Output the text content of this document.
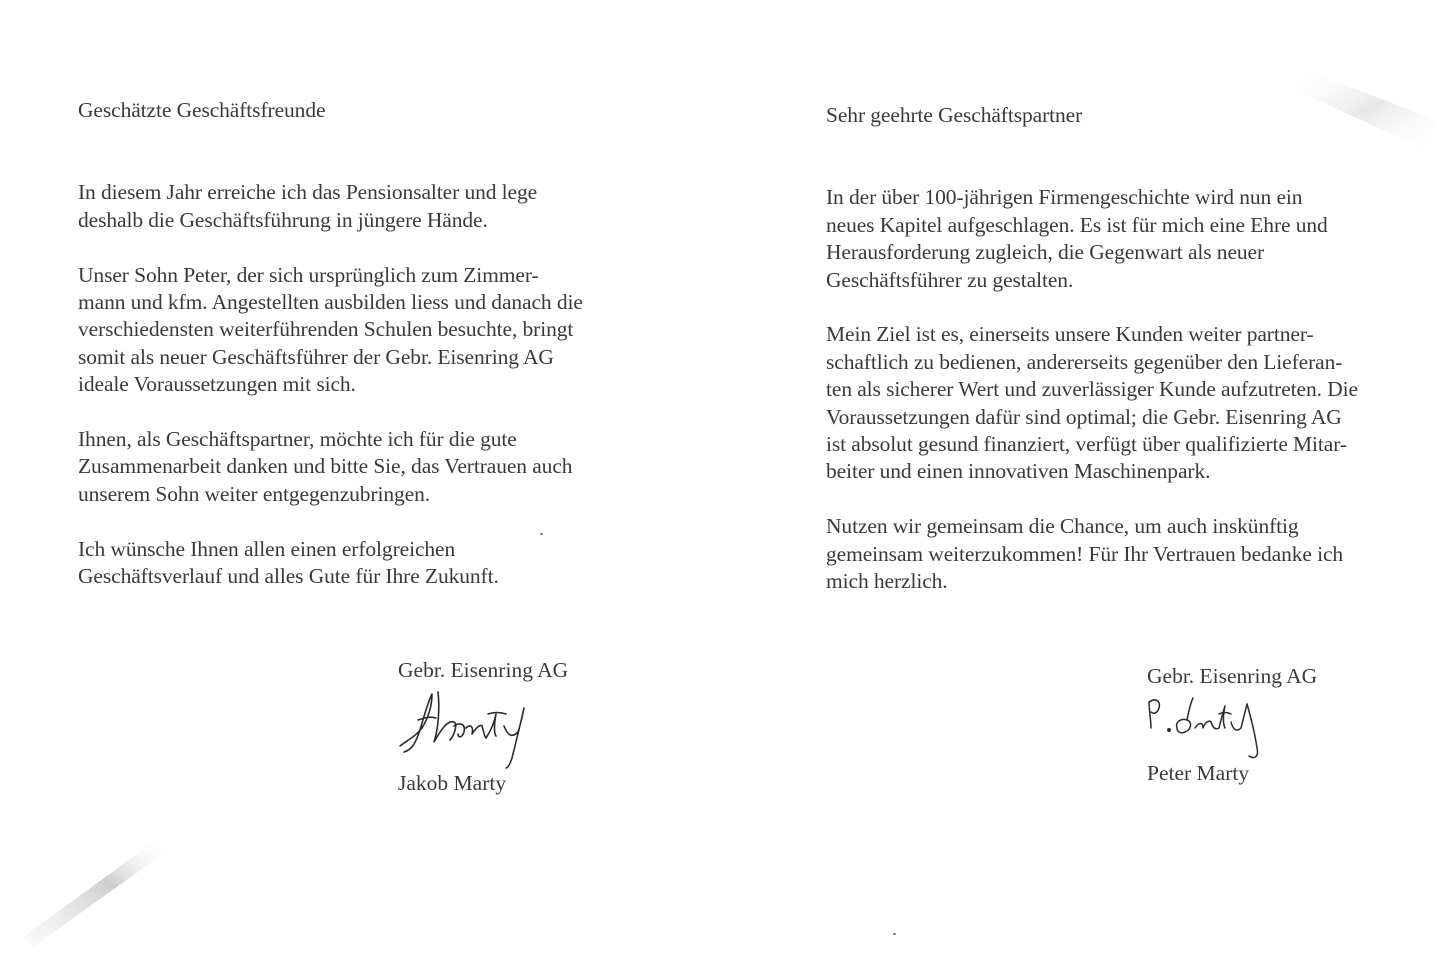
Geschätzte Geschäftsfreunde

In diesem Jahr erreiche ich das Pensionsalter und lege
deshalb die Geschäftsführung in jüngere Hände.

Unser Sohn Peter, der sich ursprünglich zum Zimmer-
mann und kfm. Angestellten ausbilden liess und danach die
verschiedensten weiterführenden Schulen besuchte, bringt
somit als neuer Geschäftsführer der Gebr. Eisenring AG
ideale Voraussetzungen mit sich.

Ihnen, als Geschäftspartner, möchte ich für die gute
Zusammenarbeit danken und bitte Sie, das Vertrauen auch
unserem Sohn weiter entgegenzubringen.

Ich wünsche Ihnen allen einen erfolgreichen
Geschäftsverlauf und alles Gute für Ihre Zukunft.

Gebr. Eisenring AG
Jakob Marty

Sehr geehrte Geschäftspartner

In der über 100-jährigen Firmengeschichte wird nun ein
neues Kapitel aufgeschlagen. Es ist für mich eine Ehre und
Herausforderung zugleich, die Gegenwart als neuer
Geschäftsführer zu gestalten.

Mein Ziel ist es, einerseits unsere Kunden weiter partner-
schaftlich zu bedienen, andererseits gegenüber den Lieferan-
ten als sicherer Wert und zuverlässiger Kunde aufzutreten. Die
Voraussetzungen dafür sind optimal; die Gebr. Eisenring AG
ist absolut gesund finanziert, verfügt über qualifizierte Mitar-
beiter und einen innovativen Maschinenpark.

Nutzen wir gemeinsam die Chance, um auch inskünftig
gemeinsam weiterzukommen! Für Ihr Vertrauen bedanke ich
mich herzlich.

Gebr. Eisenring AG
Peter Marty
